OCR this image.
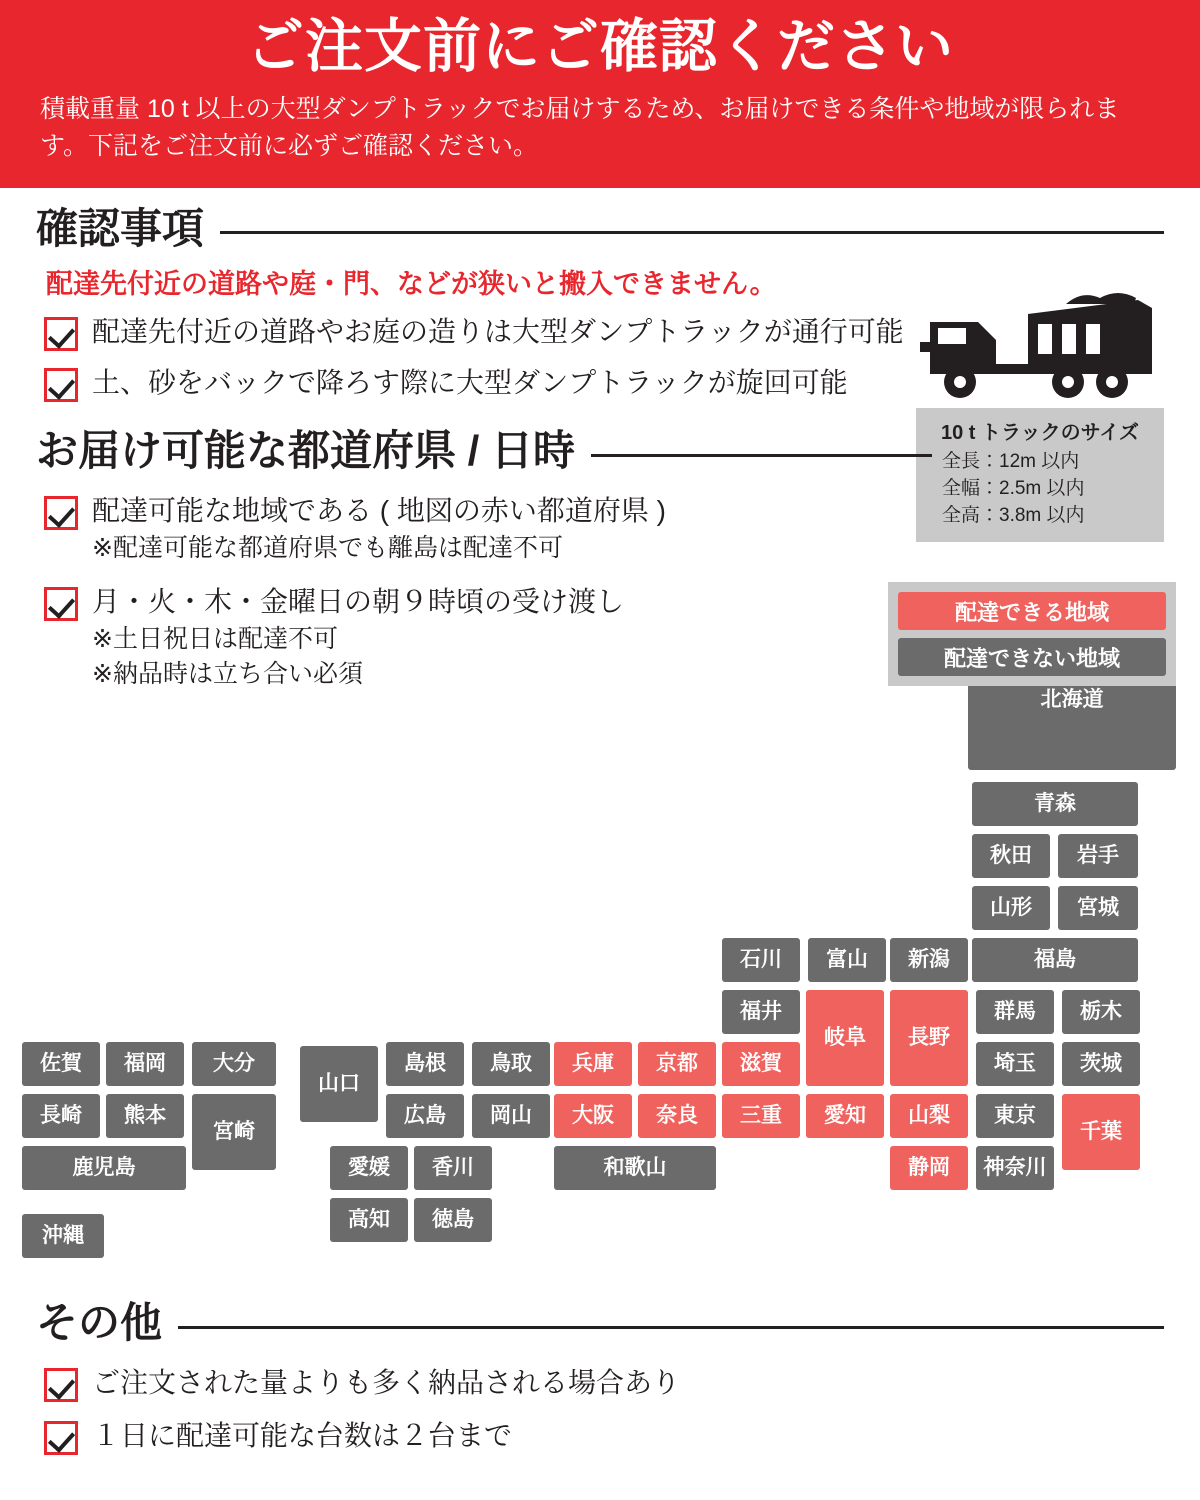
ご注文前にご確認ください
積載重量 10 t 以上の大型ダンプトラックでお届けするため、お届けできる条件や地域が限られます。下記をご注文前に必ずご確認ください。
確認事項
配達先付近の道路や庭・門、などが狭いと搬入できません。
配達先付近の道路やお庭の造りは大型ダンプトラックが通行可能
土、砂をバックで降ろす際に大型ダンプトラックが旋回可能
10 t トラックのサイズ
全長：12m 以内
全幅：2.5m 以内
全高：3.8m 以内
お届け可能な都道府県 / 日時
配達可能な地域である ( 地図の赤い都道府県 )
※配達可能な都道府県でも離島は配達不可
月・火・木・金曜日の朝９時頃の受け渡し
※土日祝日は配達不可
※納品時は立ち合い必須
北海道
青森
秋田	岩手
山形	宮城
福島
石川	富山	新潟
福井
岐阜	長野
群馬	栃木
埼玉	茨城
兵庫	京都	滋賀
島根	鳥取
佐賀	福岡	大分
山口
広島	岡山	大阪	奈良	三重	愛知	山梨	東京
千葉
長崎	熊本
宮崎
鹿児島	和歌山	静岡	神奈川
愛媛	香川
高知	徳島
沖縄
配達できる地域
配達できない地域
その他
ご注文された量よりも多く納品される場合あり
１日に配達可能な台数は２台まで
